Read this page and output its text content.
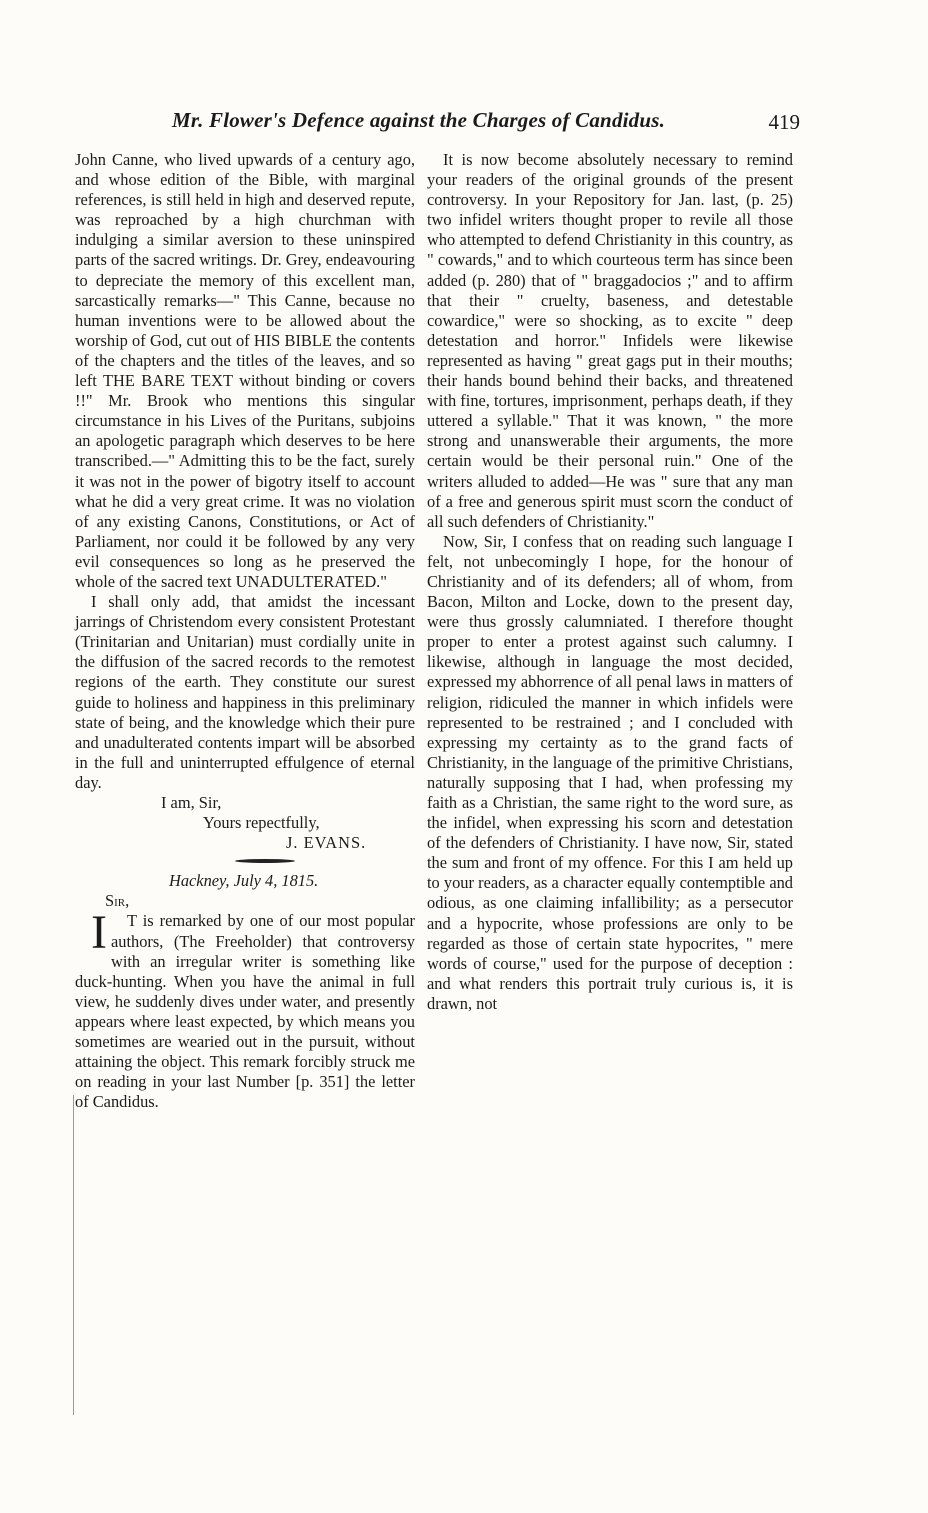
Mr. Flower's Defence against the Charges of Candidus.	419

John Canne, who lived upwards of a century ago, and whose edition of the Bible, with marginal references, is still held in high and deserved repute, was reproached by a high churchman with indulging a similar aversion to these uninspired parts of the sacred writings. Dr. Grey, endeavouring to depreciate the memory of this excellent man, sarcastically remarks—" This Canne, because no human inventions were to be allowed about the worship of God, cut out of HIS BIBLE the contents of the chapters and the titles of the leaves, and so left THE BARE TEXT without binding or covers !!" Mr. Brook who mentions this singular circumstance in his Lives of the Puritans, subjoins an apologetic paragraph which deserves to be here transcribed.—" Admitting this to be the fact, surely it was not in the power of bigotry itself to account what he did a very great crime. It was no violation of any existing Canons, Constitutions, or Act of Parliament, nor could it be followed by any very evil consequences so long as he preserved the whole of the sacred text UNADULTERATED."

I shall only add, that amidst the incessant jarrings of Christendom every consistent Protestant (Trinitarian and Unitarian) must cordially unite in the diffusion of the sacred records to the remotest regions of the earth. They constitute our surest guide to holiness and happiness in this preliminary state of being, and the knowledge which their pure and unadulterated contents impart will be absorbed in the full and uninterrupted effulgence of eternal day.

I am, Sir,

Yours repectfully,

J. EVANS.

Hackney, July 4, 1815.

Sir,

I T is remarked by one of our most popular authors, (The Freeholder) that controversy with an irregular writer is something like duck-hunting. When you have the animal in full view, he suddenly dives under water, and presently appears where least expected, by which means you sometimes are wearied out in the pursuit, without attaining the object. This remark forcibly struck me on reading in your last Number [p. 351] the letter of Candidus.

It is now become absolutely necessary to remind your readers of the original grounds of the present controversy. In your Repository for Jan. last, (p. 25) two infidel writers thought proper to revile all those who attempted to defend Christianity in this country, as " cowards," and to which courteous term has since been added (p. 280) that of " braggadocios ;" and to affirm that their " cruelty, baseness, and detestable cowardice," were so shocking, as to excite " deep detestation and horror." Infidels were likewise represented as having " great gags put in their mouths; their hands bound behind their backs, and threatened with fine, tortures, imprisonment, perhaps death, if they uttered a syllable." That it was known, " the more strong and unanswerable their arguments, the more certain would be their personal ruin." One of the writers alluded to added—He was " sure that any man of a free and generous spirit must scorn the conduct of all such defenders of Christianity."

Now, Sir, I confess that on reading such language I felt, not unbecomingly I hope, for the honour of Christianity and of its defenders; all of whom, from Bacon, Milton and Locke, down to the present day, were thus grossly calumniated. I therefore thought proper to enter a protest against such calumny. I likewise, although in language the most decided, expressed my abhorrence of all penal laws in matters of religion, ridiculed the manner in which infidels were represented to be restrained ; and I concluded with expressing my certainty as to the grand facts of Christianity, in the language of the primitive Christians, naturally supposing that I had, when professing my faith as a Christian, the same right to the word sure, as the infidel, when expressing his scorn and detestation of the defenders of Christianity. I have now, Sir, stated the sum and front of my offence. For this I am held up to your readers, as a character equally contemptible and odious, as one claiming infallibility; as a persecutor and a hypocrite, whose professions are only to be regarded as those of certain state hypocrites, " mere words of course," used for the purpose of deception : and what renders this portrait truly curious is, it is drawn, not
